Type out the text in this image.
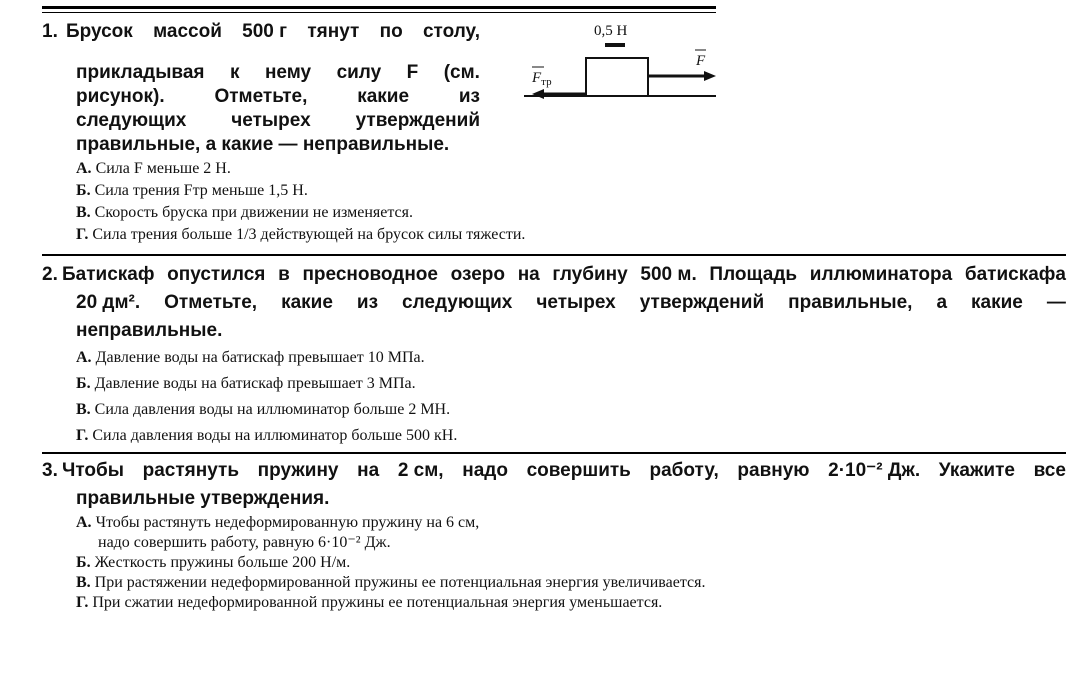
1. Брусок массой 500 г тянут по столу,
прикладывая к нему силу F (см.
рисунок).	Отметьте,	какие	из
следующих четырех утверждений
правильные, а какие — неправильные.
А. Сила F меньше 2 Н.
Б. Сила трения Fтр меньше 1,5 Н.
В. Скорость бруска при движении не изменяется.
Г. Сила трения больше 1/3 действующей на брусок силы тяжести.
0,5 Н
F
$F_{тр}$
2. Батискаф опустился в пресноводное озеро на глубину 500 м. Площадь иллюминатора батискафа
20 дм². Отметьте, какие из следующих четырех утверждений правильные, а какие —
неправильные.
А. Давление воды на батискаф превышает 10 МПа.
Б. Давление воды на батискаф превышает 3 МПа.
В. Сила давления воды на иллюминатор больше 2 МН.
Г. Сила давления воды на иллюминатор больше 500 кН.
3. Чтобы растянуть пружину на 2 см, надо совершить работу, равную 2·10⁻² Дж. Укажите все
правильные утверждения.
А. Чтобы растянуть недеформированную пружину на 6 см,
надо совершить работу, равную 6·10⁻² Дж.
Б. Жесткость пружины больше 200 Н/м.
В. При растяжении недеформированной пружины ее потенциальная энергия увеличивается.
Г. При сжатии недеформированной пружины ее потенциальная энергия уменьшается.
